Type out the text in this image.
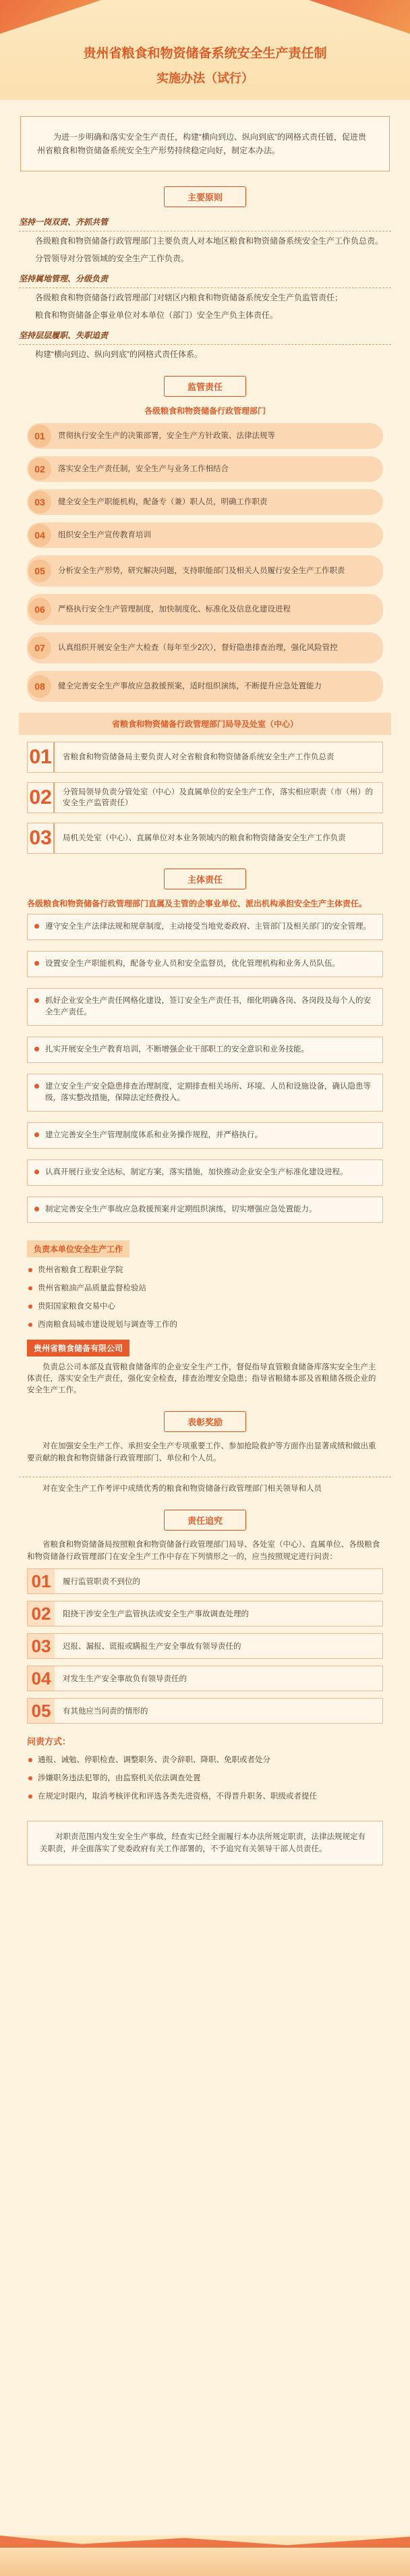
贵州省粮食和物资储备系统安全生产责任制
实施办法（试行）
为进一步明确和落实安全生产责任，构建“横向到边、纵向到底”的网格式责任链，促进贵州省粮食和物资储备系统安全生产形势持续稳定向好，制定本办法。
主要原则
坚持一岗双责、齐抓共管

各级粮食和物资储备行政管理部门主要负责人对本地区粮食和物资储备系统安全生产工作负总责。

分管领导对分管领域的安全生产工作负责。

坚持属地管理、分级负责

各级粮食和物资储备行政管理部门对辖区内粮食和物资储备系统安全生产负监管责任；

粮食和物资储备企事业单位对本单位（部门）安全生产负主体责任。

坚持层层履职、失职追责

构建“横向到边、纵向到底”的网格式责任体系。

监管责任
各级粮食和物资储备行政管理部门
01	贯彻执行安全生产的决策部署，安全生产方针政策、法律法规等
02	落实安全生产责任制，安全生产与业务工作相结合
03	健全安全生产职能机构，配备专（兼）职人员，明确工作职责
04	组织安全生产宣传教育培训
05	分析安全生产形势，研究解决问题，支持职能部门及相关人员履行安全生产工作职责
06	严格执行安全生产管理制度，加快制度化、标准化及信息化建设进程
07	认真组织开展安全生产大检查（每年至少2次），督好隐患排查治理，强化风险管控
08	健全完善安全生产事故应急救援预案，适时组织演练，不断提升应急处置能力
省粮食和物资储备行政管理部门局导及处室（中心）
01	省粮食和物资储备局主要负责人对全省粮食和物资储备系统安全生产工作负总责
02	分管局领导负责分管处室（中心）及直属单位的安全生产工作，落实相应职责（市（州）的安全生产监管责任）
03	局机关处室（中心）、直属单位对本业务领域内的粮食和物资储备安全生产工作负责
主体责任
各级粮食和物资储备行政管理部门直属及主管的企事业单位、派出机构承担安全生产主体责任。
遵守安全生产法律法规和规章制度，主动接受当地党委政府、主管部门及相关部门的安全管理。
设置安全生产职能机构，配备专业人员和安全监督员，优化管理机构和业务人员队伍。
抓好企业安全生产责任网格化建设，签订安全生产责任书，细化明确各岗、各岗段及每个人的安全生产责任。
扎实开展安全生产教育培训，不断增强企业干部职工的安全意识和业务技能。
建立安全生产安全隐患排查治理制度，定期排查相关场所、环境、人员和设施设备，确认隐患等级，落实整改措施，保障法定经费投入。
建立完善安全生产管理制度体系和业务操作规程，并严格执行。
认真开展行业安全达标，制定方案，落实措施，加快推动企业安全生产标准化建设进程。
制定完善安全生产事故应急救援预案并定期组织演练，切实增强应急处置能力。
负责本单位安全生产工作
贵州省粮食工程职业学院
贵州省粮油产品质量监督检验站
贵阳国家粮食交易中心
西南粮食局城市建设规划与调查等工作的
贵州省粮食储备有限公司

负责总公司本部及直管粮食储备库的企业安全生产工作，督促指导直管粮食储备库落实安全生产主体责任，落实安全生产责任，强化安全检查，排查治理安全隐患；指导省粮储本部及省粮储各级企业的安全生产工作。

表彰奖励
对在加强安全生产工作、承担安全生产专项重要工作、参加抢险救护等方面作出显著成绩和做出重要贡献的粮食和物资储备行政管理部门、单位和个人员。
对在安全生产工作考评中成绩优秀的粮食和物资储备行政管理部门相关领导和人员
责任追究
省粮食和物资储备局按照粮食和物资储备行政管理部门局导、各处室（中心）、直属单位、各级粮食和物资储备行政管理部门在安全生产工作中存在下列情形之一的，应当按照规定进行问责：
01	履行监管职责不到位的
02	阻挠干涉安全生产监管执法或安全生产事故调查处理的
03	迟报、漏报、谎报或瞒报生产安全事故有领导责任的
04	对发生生产安全事故负有领导责任的
05	有其他应当问责的情形的
问责方式：
通报、诫勉、停职检查、调整职务、责令辞职、降职、免职或者处分
涉嫌职务违法犯罪的，由监察机关依法调查处置
在规定时限内，取消考核评优和评选各类先进资格，不得晋升职务、职级或者提任
对职责范围内发生安全生产事故，经查实已经全面履行本办法所规定职责，法律法规规定有关职责，并全面落实了党委政府有关工作部署的，不予追究有关领导干部人员责任。
